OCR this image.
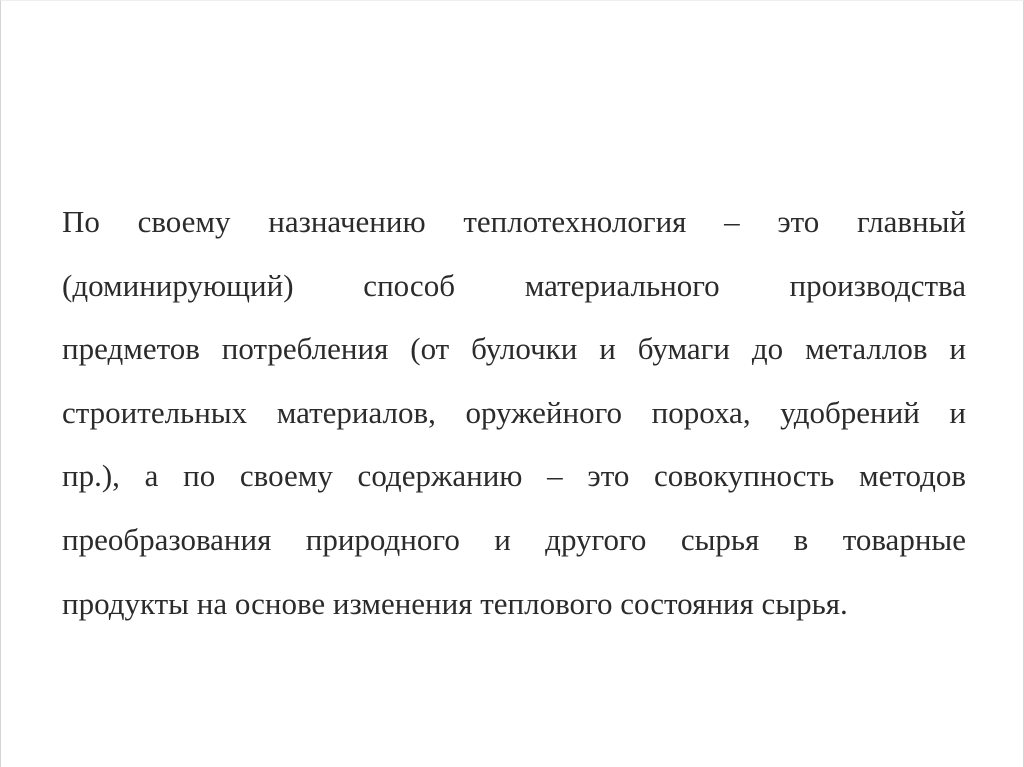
По своему назначению теплотехнология – это главный
(доминирующий) способ материального производства
предметов потребления (от булочки и бумаги до металлов и
строительных материалов, оружейного пороха, удобрений и
пр.), а по своему содержанию – это совокупность методов
преобразования природного и другого сырья в товарные
продукты на основе изменения теплового состояния сырья.
